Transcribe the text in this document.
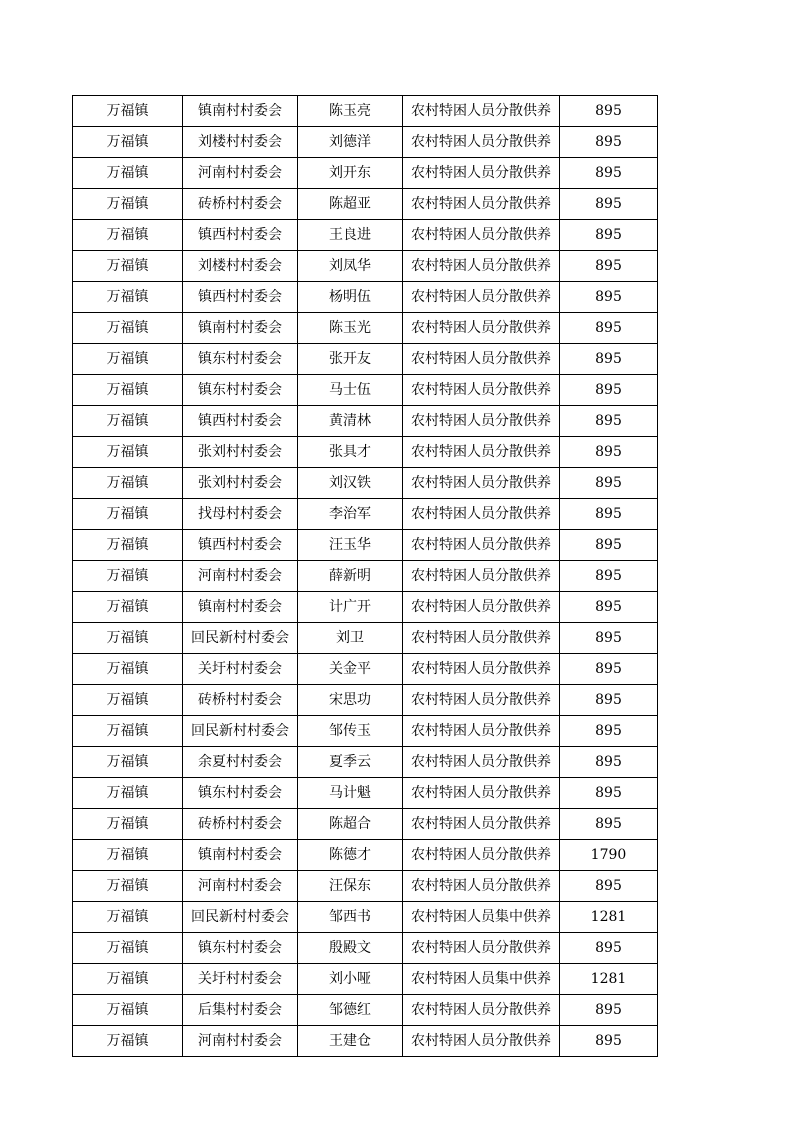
万福镇	镇南村村委会	陈玉亮	农村特困人员分散供养	895
万福镇	刘楼村村委会	刘德洋	农村特困人员分散供养	895
万福镇	河南村村委会	刘开东	农村特困人员分散供养	895
万福镇	砖桥村村委会	陈超亚	农村特困人员分散供养	895
万福镇	镇西村村委会	王良进	农村特困人员分散供养	895
万福镇	刘楼村村委会	刘凤华	农村特困人员分散供养	895
万福镇	镇西村村委会	杨明伍	农村特困人员分散供养	895
万福镇	镇南村村委会	陈玉光	农村特困人员分散供养	895
万福镇	镇东村村委会	张开友	农村特困人员分散供养	895
万福镇	镇东村村委会	马士伍	农村特困人员分散供养	895
万福镇	镇西村村委会	黄清林	农村特困人员分散供养	895
万福镇	张刘村村委会	张具才	农村特困人员分散供养	895
万福镇	张刘村村委会	刘汉铁	农村特困人员分散供养	895
万福镇	找母村村委会	李治军	农村特困人员分散供养	895
万福镇	镇西村村委会	汪玉华	农村特困人员分散供养	895
万福镇	河南村村委会	薛新明	农村特困人员分散供养	895
万福镇	镇南村村委会	计广开	农村特困人员分散供养	895
万福镇	回民新村村委会	刘卫	农村特困人员分散供养	895
万福镇	关圩村村委会	关金平	农村特困人员分散供养	895
万福镇	砖桥村村委会	宋思功	农村特困人员分散供养	895
万福镇	回民新村村委会	邹传玉	农村特困人员分散供养	895
万福镇	余夏村村委会	夏季云	农村特困人员分散供养	895
万福镇	镇东村村委会	马计魁	农村特困人员分散供养	895
万福镇	砖桥村村委会	陈超合	农村特困人员分散供养	895
万福镇	镇南村村委会	陈德才	农村特困人员分散供养	1790
万福镇	河南村村委会	汪保东	农村特困人员分散供养	895
万福镇	回民新村村委会	邹西书	农村特困人员集中供养	1281
万福镇	镇东村村委会	殷殿文	农村特困人员分散供养	895
万福镇	关圩村村委会	刘小哑	农村特困人员集中供养	1281
万福镇	后集村村委会	邹德红	农村特困人员分散供养	895
万福镇	河南村村委会	王建仓	农村特困人员分散供养	895
